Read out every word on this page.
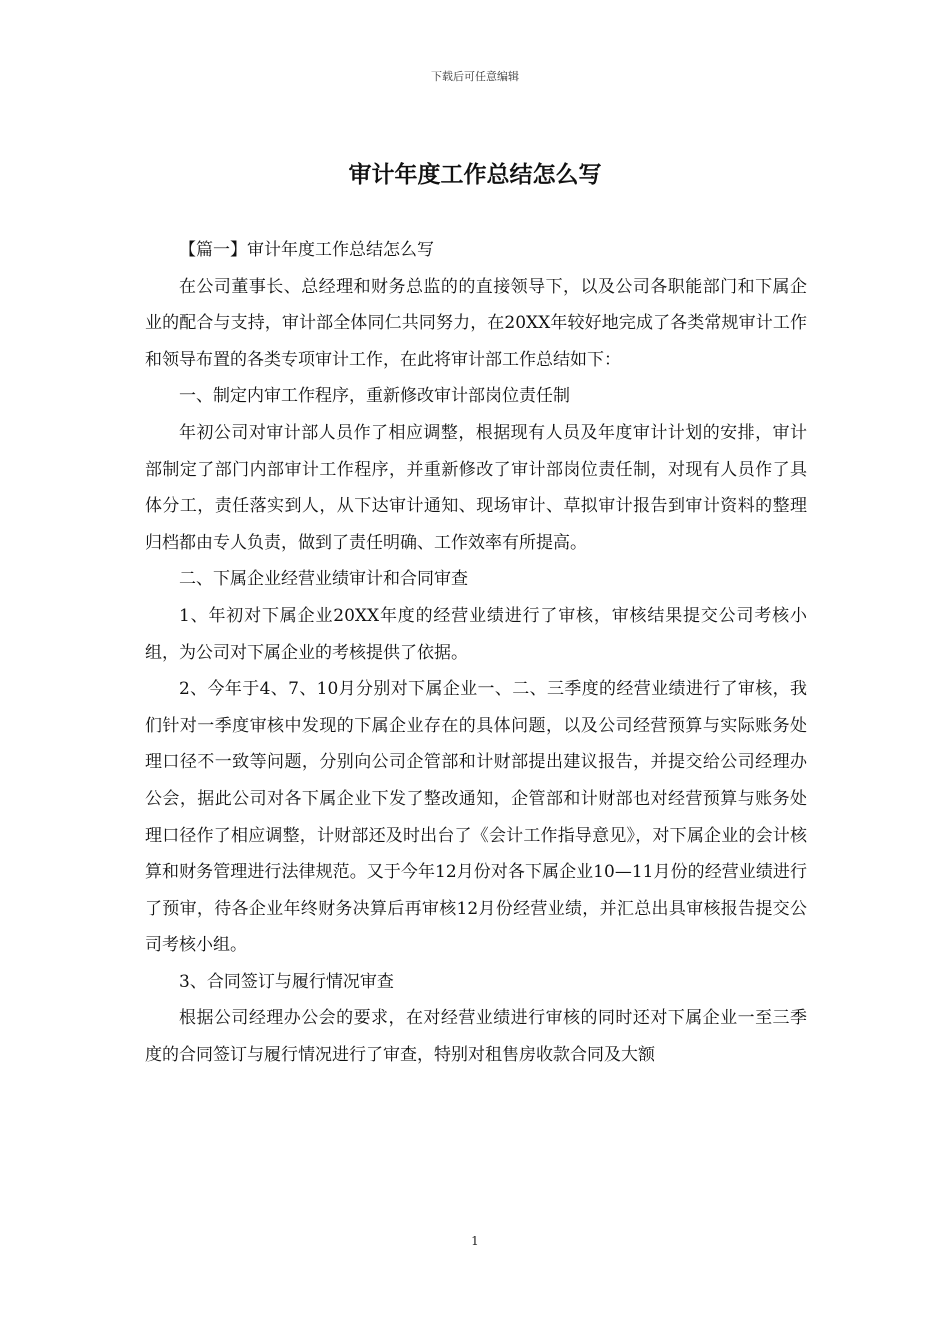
下载后可任意编辑
审计年度工作总结怎么写

【篇一】审计年度工作总结怎么写

在公司董事长、总经理和财务总监的的直接领导下，以及公司各职能部门和下属企业的配合与支持，审计部全体同仁共同努力，在20XX年较好地完成了各类常规审计工作和领导布置的各类专项审计工作，在此将审计部工作总结如下：

一、制定内审工作程序，重新修改审计部岗位责任制

年初公司对审计部人员作了相应调整，根据现有人员及年度审计计划的安排，审计部制定了部门内部审计工作程序，并重新修改了审计部岗位责任制，对现有人员作了具体分工，责任落实到人，从下达审计通知、现场审计、草拟审计报告到审计资料的整理归档都由专人负责，做到了责任明确、工作效率有所提高。

二、下属企业经营业绩审计和合同审查

1、年初对下属企业20XX年度的经营业绩进行了审核，审核结果提交公司考核小组，为公司对下属企业的考核提供了依据。

2、今年于4、7、10月分别对下属企业一、二、三季度的经营业绩进行了审核，我们针对一季度审核中发现的下属企业存在的具体问题，以及公司经营预算与实际账务处理口径不一致等问题，分别向公司企管部和计财部提出建议报告，并提交给公司经理办公会，据此公司对各下属企业下发了整改通知，企管部和计财部也对经营预算与账务处理口径作了相应调整，计财部还及时出台了《会计工作指导意见》，对下属企业的会计核算和财务管理进行法律规范。又于今年12月份对各下属企业10—11月份的经营业绩进行了预审，待各企业年终财务决算后再审核12月份经营业绩，并汇总出具审核报告提交公司考核小组。

3、合同签订与履行情况审查

根据公司经理办公会的要求，在对经营业绩进行审核的同时还对下属企业一至三季度的合同签订与履行情况进行了审查，特别对租售房收款合同及大额

1
